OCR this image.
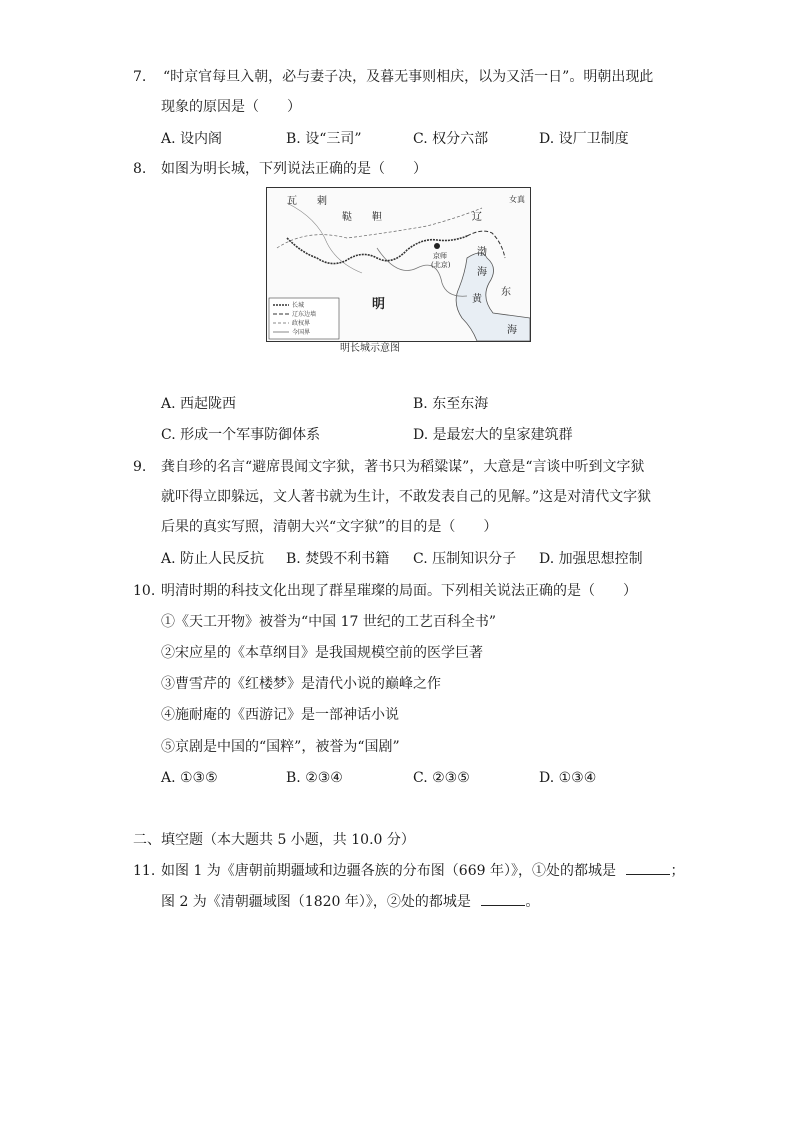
7. “时京官每旦入朝，必与妻子决，及暮无事则相庆，以为又活一日”。明朝出现此
现象的原因是（　　）
A. 设内阁	B. 设“三司”	C. 权分六部	D. 设厂卫制度
8. 如图为明长城，下列说法正确的是（　　）
长城
辽东边墙
政权界
今国界
瓦 剌
鞑 靼
明
京师
(北京)
女真
辽
渤
海
黄
东
海
明长城示意图
A. 西起陇西	B. 东至东海
C. 形成一个军事防御体系	D. 是最宏大的皇家建筑群
9. 龚自珍的名言“避席畏闻文字狱，著书只为稻粱谋”，大意是“言谈中听到文字狱
就吓得立即躲远，文人著书就为生计，不敢发表自己的见解。”这是对清代文字狱
后果的真实写照，清朝大兴“文字狱”的目的是（　　）
A. 防止人民反抗 B. 焚毁不利书籍 C. 压制知识分子 D. 加强思想控制
10. 明清时期的科技文化出现了群星璀璨的局面。下列相关说法正确的是（　　）
①《天工开物》被誉为“中国 17 世纪的工艺百科全书”
②宋应星的《本草纲目》是我国规模空前的医学巨著
③曹雪芹的《红楼梦》是清代小说的巅峰之作
④施耐庵的《西游记》是一部神话小说
⑤京剧是中国的“国粹”，被誉为“国剧”
A. ①③⑤	B. ②③④	C. ②③⑤	D. ①③④
二、填空题（本大题共 5 小题，共 10.0 分）
11. 如图 1 为《唐朝前期疆域和边疆各族的分布图（669 年）》，①处的都城是	；
图 2 为《清朝疆域图（1820 年）》，②处的都城是	。
